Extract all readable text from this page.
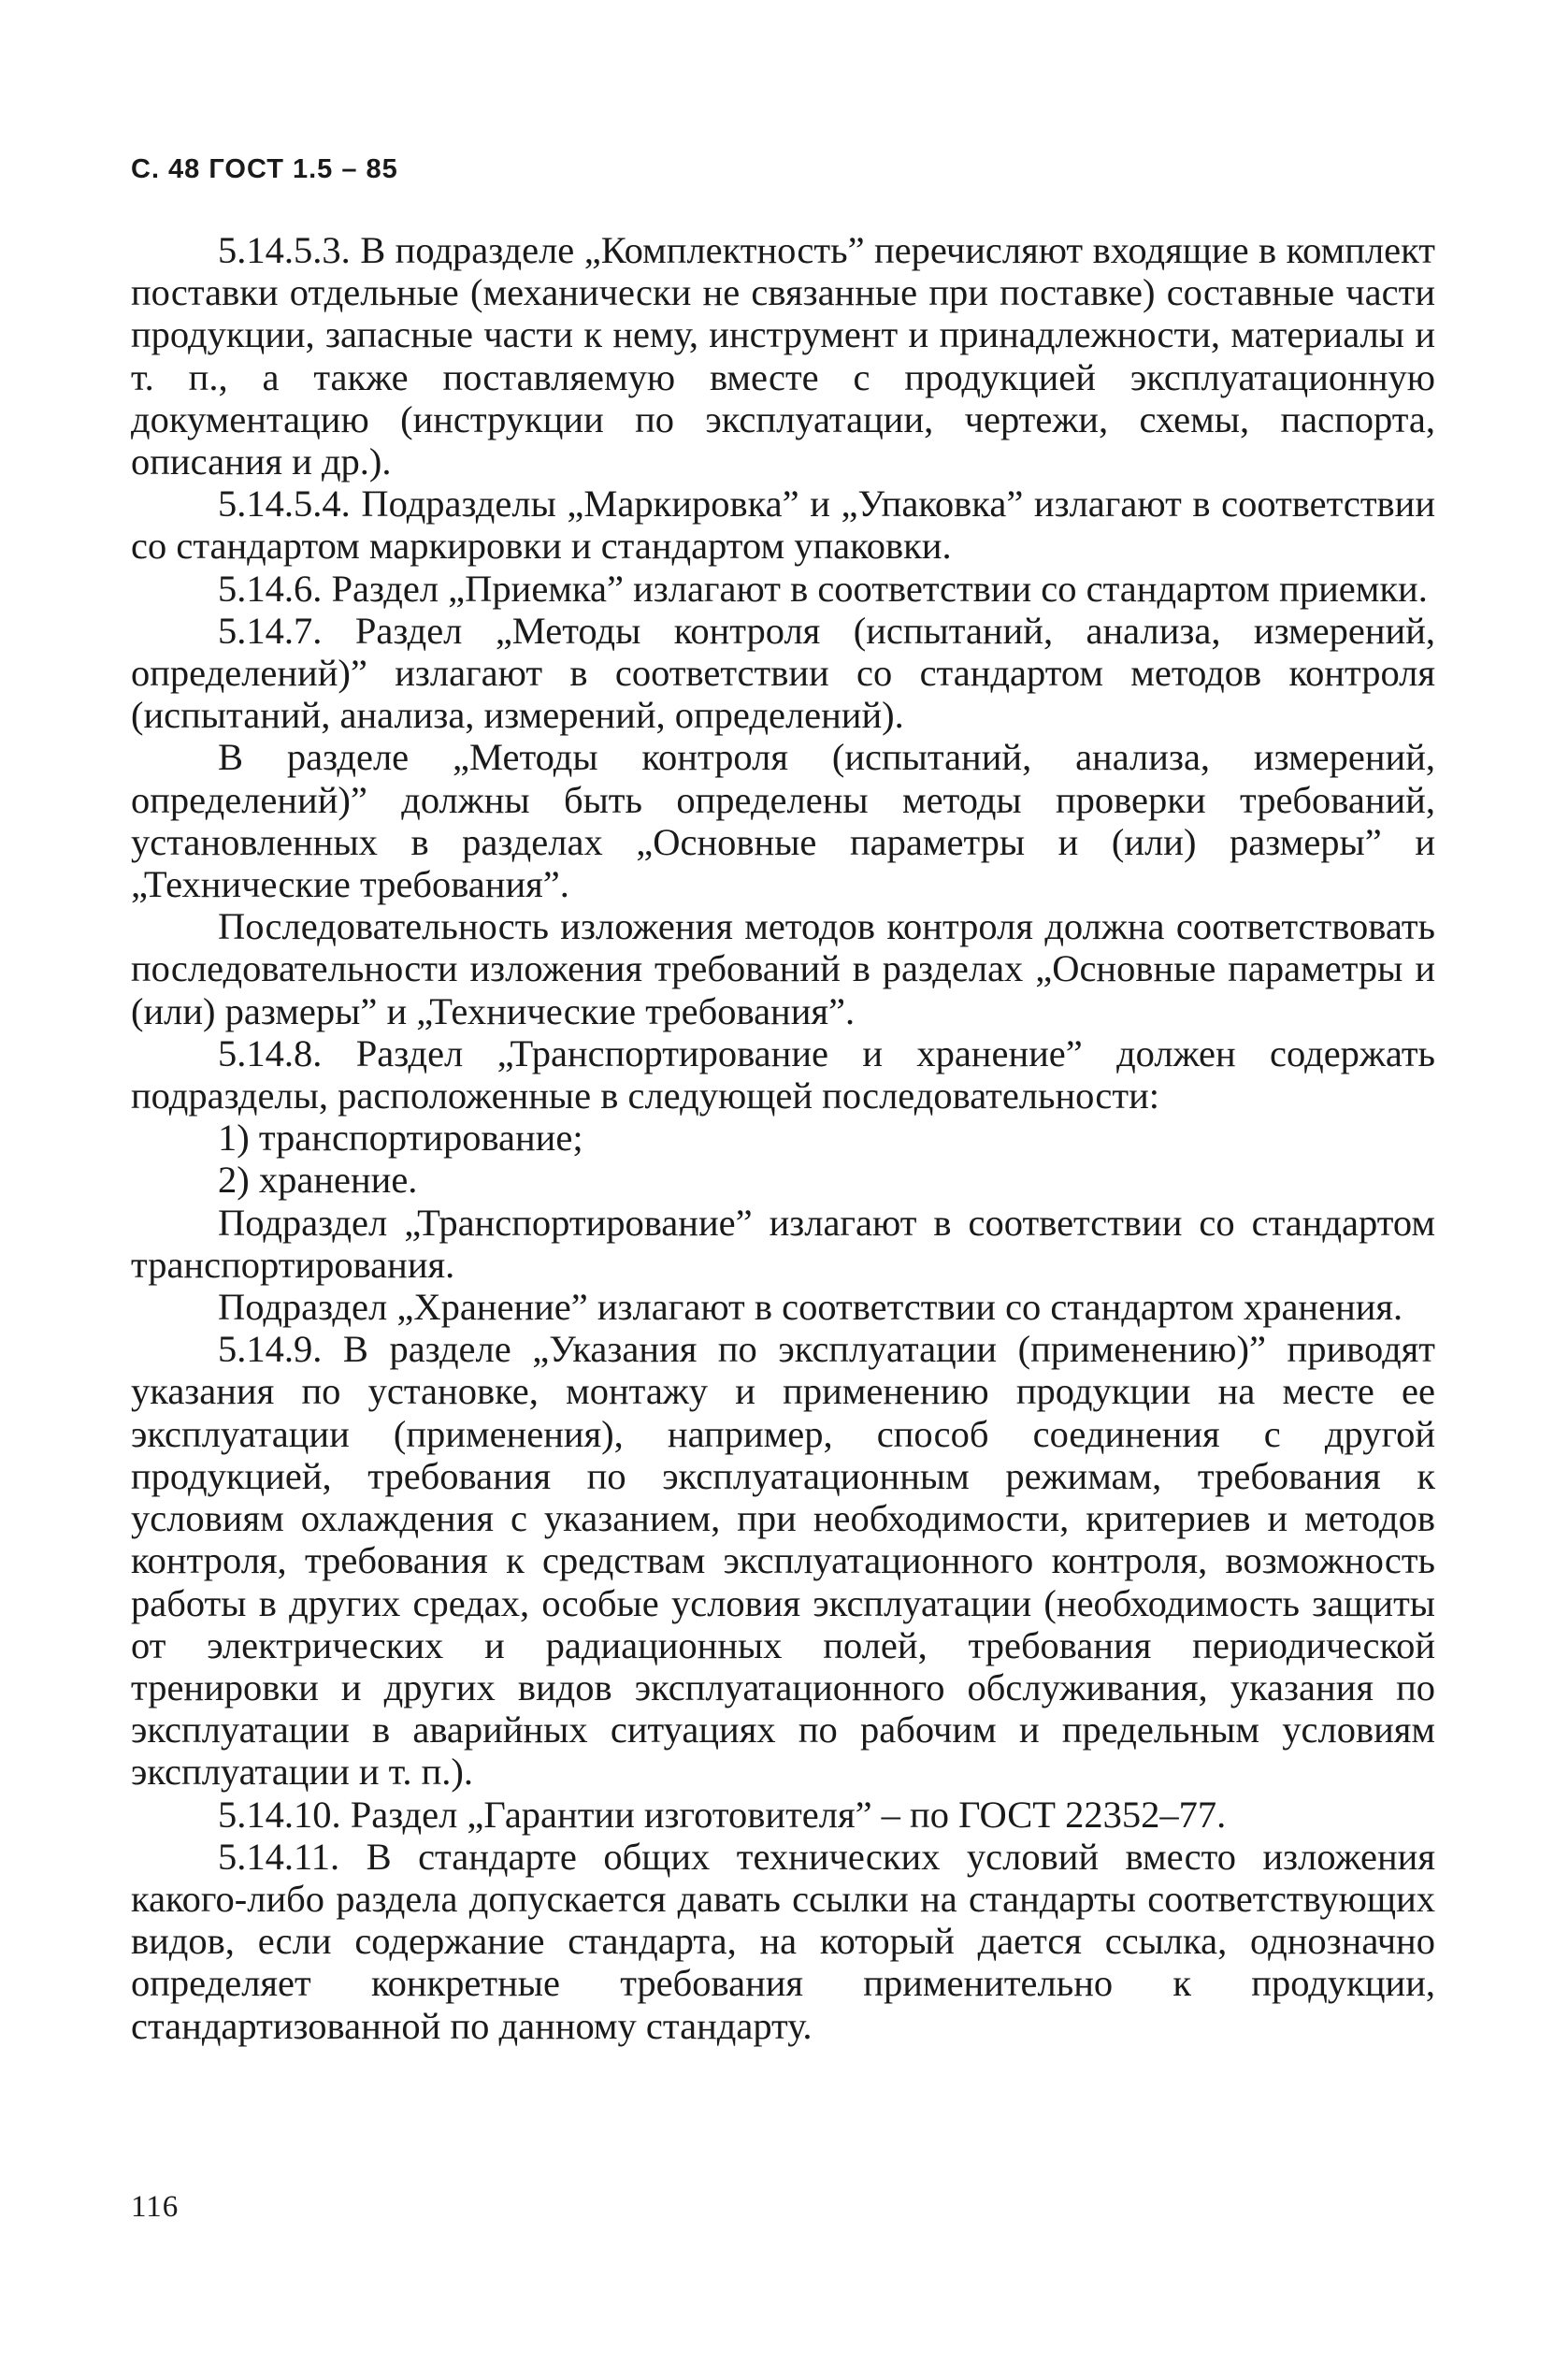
С. 48 ГОСТ 1.5 – 85

5.14.5.3. В подразделе „Комплектность” перечисляют входящие в комплект поставки отдельные (механически не связанные при поставке) составные части продукции, запасные части к нему, инструмент и принадлежности, материалы и т. п., а также поставляемую вместе с продукцией эксплуатационную документацию (инструкции по эксплуатации, чертежи, схемы, паспорта, описания и др.).

5.14.5.4. Подразделы „Маркировка” и „Упаковка” излагают в соответствии со стандартом маркировки и стандартом упаковки.

5.14.6. Раздел „Приемка” излагают в соответствии со стандартом приемки.

5.14.7. Раздел „Методы контроля (испытаний, анализа, измерений, определений)” излагают в соответствии со стандартом методов контроля (испытаний, анализа, измерений, определений).

В разделе „Методы контроля (испытаний, анализа, измерений, определений)” должны быть определены методы проверки требований, установленных в разделах „Основные параметры и (или) размеры” и „Технические требования”.

Последовательность изложения методов контроля должна соответствовать последовательности изложения требований в разделах „Основные параметры и (или) размеры” и „Технические требования”.

5.14.8. Раздел „Транспортирование и хранение” должен содержать подразделы, расположенные в следующей последовательности:

1) транспортирование;

2) хранение.

Подраздел „Транспортирование” излагают в соответствии со стандартом транспортирования.

Подраздел „Хранение” излагают в соответствии со стандартом хранения.

5.14.9. В разделе „Указания по эксплуатации (применению)” приводят указания по установке, монтажу и применению продукции на месте ее эксплуатации (применения), например, способ соединения с другой продукцией, требования по эксплуатационным режимам, требования к условиям охлаждения с указанием, при необходимости, критериев и методов контроля, требования к средствам эксплуатационного контроля, возможность работы в других средах, особые условия эксплуатации (необходимость защиты от электрических и радиационных полей, требования периодической тренировки и других видов эксплуатационного обслуживания, указания по эксплуатации в аварийных ситуациях по рабочим и предельным условиям эксплуатации и т. п.).

5.14.10. Раздел „Гарантии изготовителя” – по ГОСТ 22352–77.

5.14.11. В стандарте общих технических условий вместо изложения какого-либо раздела допускается давать ссылки на стандарты соответствующих видов, если содержание стандарта, на который дается ссылка, однозначно определяет конкретные требования применительно к продукции, стандартизованной по данному стандарту.

116
